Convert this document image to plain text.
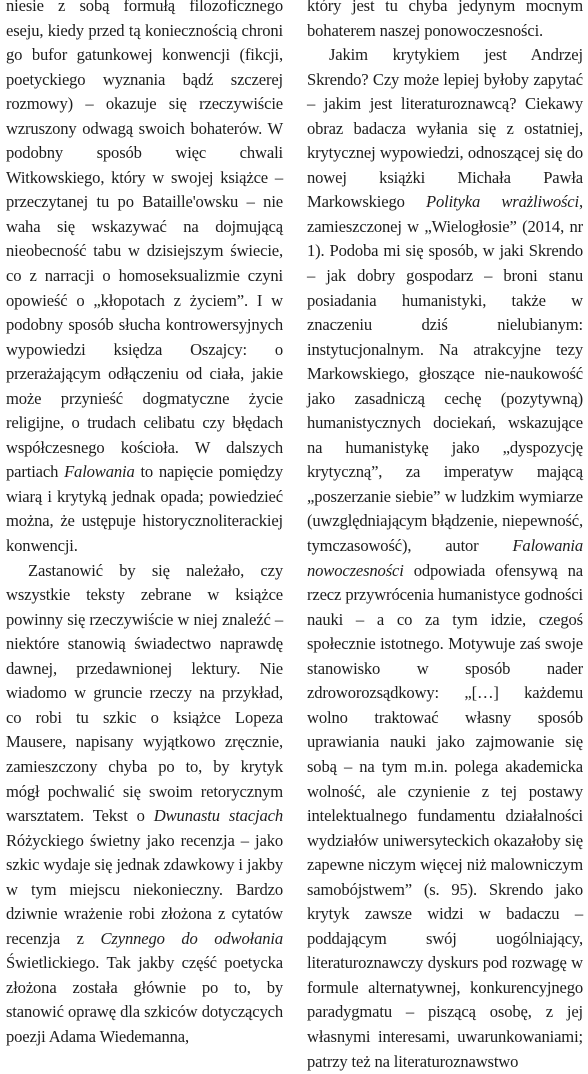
niesie z sobą formułą filozoficznego eseju, kiedy przed tą koniecznością chroni go bufor gatunkowej konwencji (fikcji, poetyckiego wyznania bądź szczerej rozmowy) – okazuje się rzeczywiście wzruszony odwagą swoich bohaterów. W podobny sposób więc chwali Witkowskiego, który w swojej książce – przeczytanej tu po Bataille'owsku – nie waha się wskazywać na dojmującą nieobecność tabu w dzisiejszym świecie, co z narracji o homoseksualizmie czyni opowieść o „kłopotach z życiem”. I w podobny sposób słucha kontrowersyjnych wypowiedzi księdza Oszajcy: o przerażającym odłączeniu od ciała, jakie może przynieść dogmatyczne życie religijne, o trudach celibatu czy błędach współczesnego kościoła. W dalszych partiach Falowania to napięcie pomiędzy wiarą i krytyką jednak opada; powiedzieć można, że ustępuje historycznoliterackiej konwencji.

Zastanowić by się należało, czy wszystkie teksty zebrane w książce powinny się rzeczywiście w niej znaleźć – niektóre stanowią świadectwo naprawdę dawnej, przedawnionej lektury. Nie wiadomo w gruncie rzeczy na przykład, co robi tu szkic o książce Lopeza Mausere, napisany wyjątkowo zręcznie, zamieszczony chyba po to, by krytyk mógł pochwalić się swoim retorycznym warsztatem. Tekst o Dwunastu stacjach Różyckiego świetny jako recenzja – jako szkic wydaje się jednak zdawkowy i jakby w tym miejscu niekonieczny. Bardzo dziwnie wrażenie robi złożona z cytatów recenzja z Czynnego do odwołania Świetlickiego. Tak jakby część poetycka złożona została głównie po to, by stanowić oprawę dla szkiców dotyczących poezji Adama Wiedemanna,

który jest tu chyba jedynym mocnym bohaterem naszej ponowoczesności.

Jakim krytykiem jest Andrzej Skrendo? Czy może lepiej byłoby zapytać – jakim jest literaturoznawcą? Ciekawy obraz badacza wyłania się z ostatniej, krytycznej wypowiedzi, odnoszącej się do nowej książki Michała Pawła Markowskiego Polityka wrażliwości, zamieszczonej w „Wielogłosie” (2014, nr 1). Podoba mi się sposób, w jaki Skrendo – jak dobry gospodarz – broni stanu posiadania humanistyki, także w znaczeniu dziś nielubianym: instytucjonalnym. Na atrakcyjne tezy Markowskiego, głoszące nie-naukowość jako zasadniczą cechę (pozytywną) humanistycznych dociekań, wskazujące na humanistykę jako „dyspozycję krytyczną”, za imperatyw mającą „poszerzanie siebie” w ludzkim wymiarze (uwzględniającym błądzenie, niepewność, tymczasowość), autor Falowania nowoczesności odpowiada ofensywą na rzecz przywrócenia humanistyce godności nauki – a co za tym idzie, czegoś społecznie istotnego. Motywuje zaś swoje stanowisko w sposób nader zdroworozsądkowy: „[…] każdemu wolno traktować własny sposób uprawiania nauki jako zajmowanie się sobą – na tym m.in. polega akademicka wolność, ale czynienie z tej postawy intelektualnego fundamentu działalności wydziałów uniwersyteckich okazałoby się zapewne niczym więcej niż malowniczym samobójstwem” (s. 95). Skrendo jako krytyk zawsze widzi w badaczu – poddającym swój uogólniający, literaturoznawczy dyskurs pod rozwagę w formule alternatywnej, konkurencyjnego paradygmatu – piszącą osobę, z jej własnymi interesami, uwarunkowaniami; patrzy też na literaturoznawstwo
